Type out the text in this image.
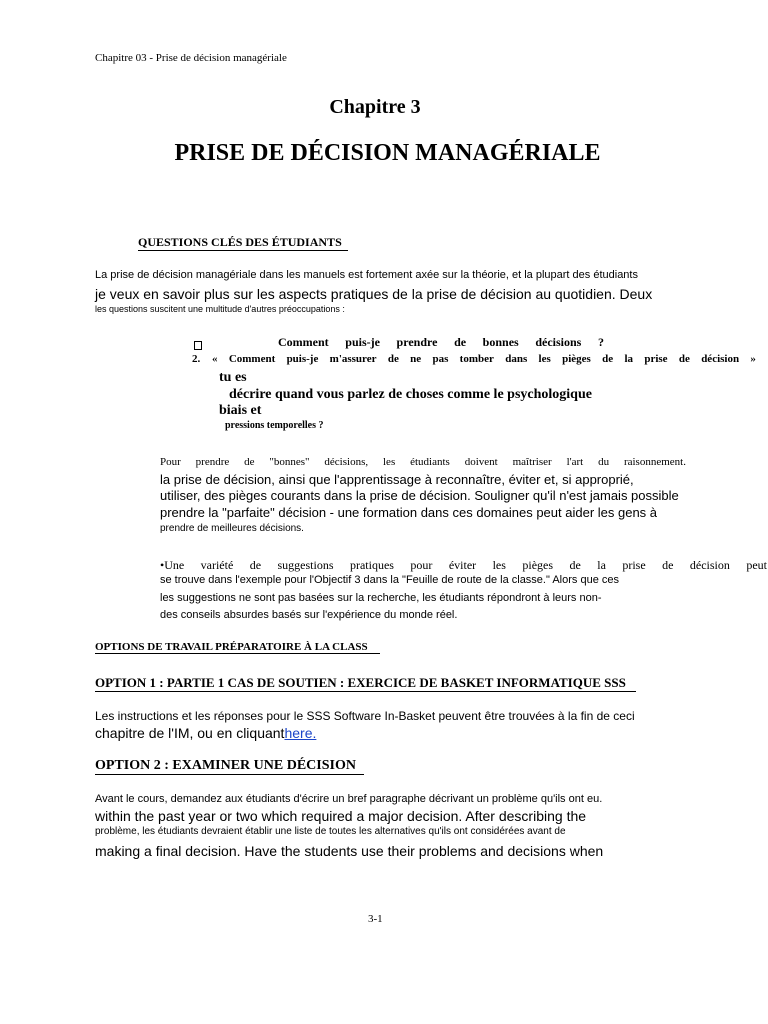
Chapitre 03 - Prise de décision managériale
Chapitre 3
PRISE DE DÉCISION MANAGÉRIALE
QUESTIONS CLÉS DES ÉTUDIANTS
La prise de décision managériale dans les manuels est fortement axée sur la théorie, et la plupart des étudiants
je veux en savoir plus sur les aspects pratiques de la prise de décision au quotidien. Deux
les questions suscitent une multitude d'autres préoccupations :
Comment puis-je prendre de bonnes décisions ?
2. « Comment puis-je m'assurer de ne pas tomber dans les pièges de la prise de décision »
tu es
décrire quand vous parlez de choses comme le psychologique
biais et
pressions temporelles ?
Pour prendre de "bonnes" décisions, les étudiants doivent maîtriser l'art du raisonnement.
la prise de décision, ainsi que l'apprentissage à reconnaître, éviter et, si approprié,
utiliser, des pièges courants dans la prise de décision. Souligner qu'il n'est jamais possible
prendre la "parfaite" décision - une formation dans ces domaines peut aider les gens à
prendre de meilleures décisions.
•Une variété de suggestions pratiques pour éviter les pièges de la prise de décision peut
se trouve dans l'exemple pour l'Objectif 3 dans la "Feuille de route de la classe." Alors que ces
les suggestions ne sont pas basées sur la recherche, les étudiants répondront à leurs non-
des conseils absurdes basés sur l'expérience du monde réel.
OPTIONS DE TRAVAIL PRÉPARATOIRE À LA CLASS
OPTION 1 : PARTIE 1 CAS DE SOUTIEN : EXERCICE DE BASKET INFORMATIQUE SSS
Les instructions et les réponses pour le SSS Software In-Basket peuvent être trouvées à la fin de ceci
chapitre de l'IM, ou en cliquanthere.
OPTION 2 : EXAMINER UNE DÉCISION
Avant le cours, demandez aux étudiants d'écrire un bref paragraphe décrivant un problème qu'ils ont eu.
within the past year or two which required a major decision. After describing the
problème, les étudiants devraient établir une liste de toutes les alternatives qu'ils ont considérées avant de
making a final decision. Have the students use their problems and decisions when
3-1
